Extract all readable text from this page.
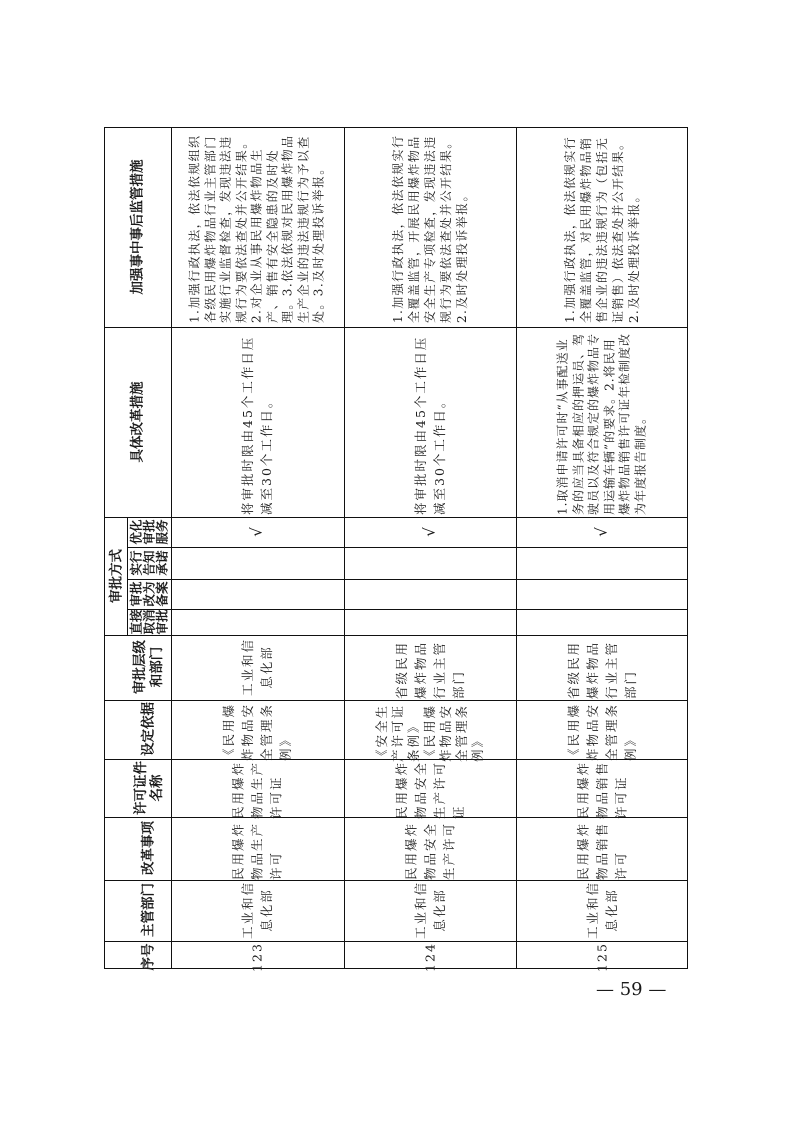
序号
主管部门
改革事项
许可证件名称
设定依据
审批层级和部门
审批方式
直接取消审批
审批改为备案
实行告知承诺
优化审批服务
具体改革措施
加强事中事后监管措施
123
工业和信息化部
民用爆炸物品生产许可
民用爆炸物品生产许可证
《民用爆炸物品安全管理条例》
工业和信息化部
√
将审批时限由45个工作日压减至30个工作日。
1.加强行政执法，依法依规组织各级民用爆炸物品行业主管部门实施行业监督检查，发现违法违规行为要依法查处并公开结果。2.对企业从事民用爆炸物品生产、销售有安全隐患的及时处理。3.依法依规对民用爆炸物品生产企业的违法违规行为予以查处。3.及时处理投诉举报。
124
工业和信息化部
民用爆炸物品安全生产许可
民用爆炸物品安全生产许可证
《安全生产许可证条例》《民用爆炸物品安全管理条例》
省级民用爆炸物品行业主管部门
√
将审批时限由45个工作日压减至30个工作日。
1.加强行政执法，依法依规实行全覆盖监管，开展民用爆炸物品安全生产专项检查，发现违法违规行为要依法查处并公开结果。2.及时处理投诉举报。
125
工业和信息化部
民用爆炸物品销售许可
民用爆炸物品销售许可证
《民用爆炸物品安全管理条例》
省级民用爆炸物品行业主管部门
√
1.取消申请许可时“从事配送业务的应当具备相应的押运员、驾驶员以及符合规定的爆炸物品专用运输车辆”的要求。2.将民用爆炸物品销售许可证年检制度改为年度报告制度。
1.加强行政执法，依法依规实行全覆盖监管，对民用爆炸物品销售企业的违法违规行为（包括无证销售）依法查处并公开结果。2.及时处理投诉举报。
— 59 —
